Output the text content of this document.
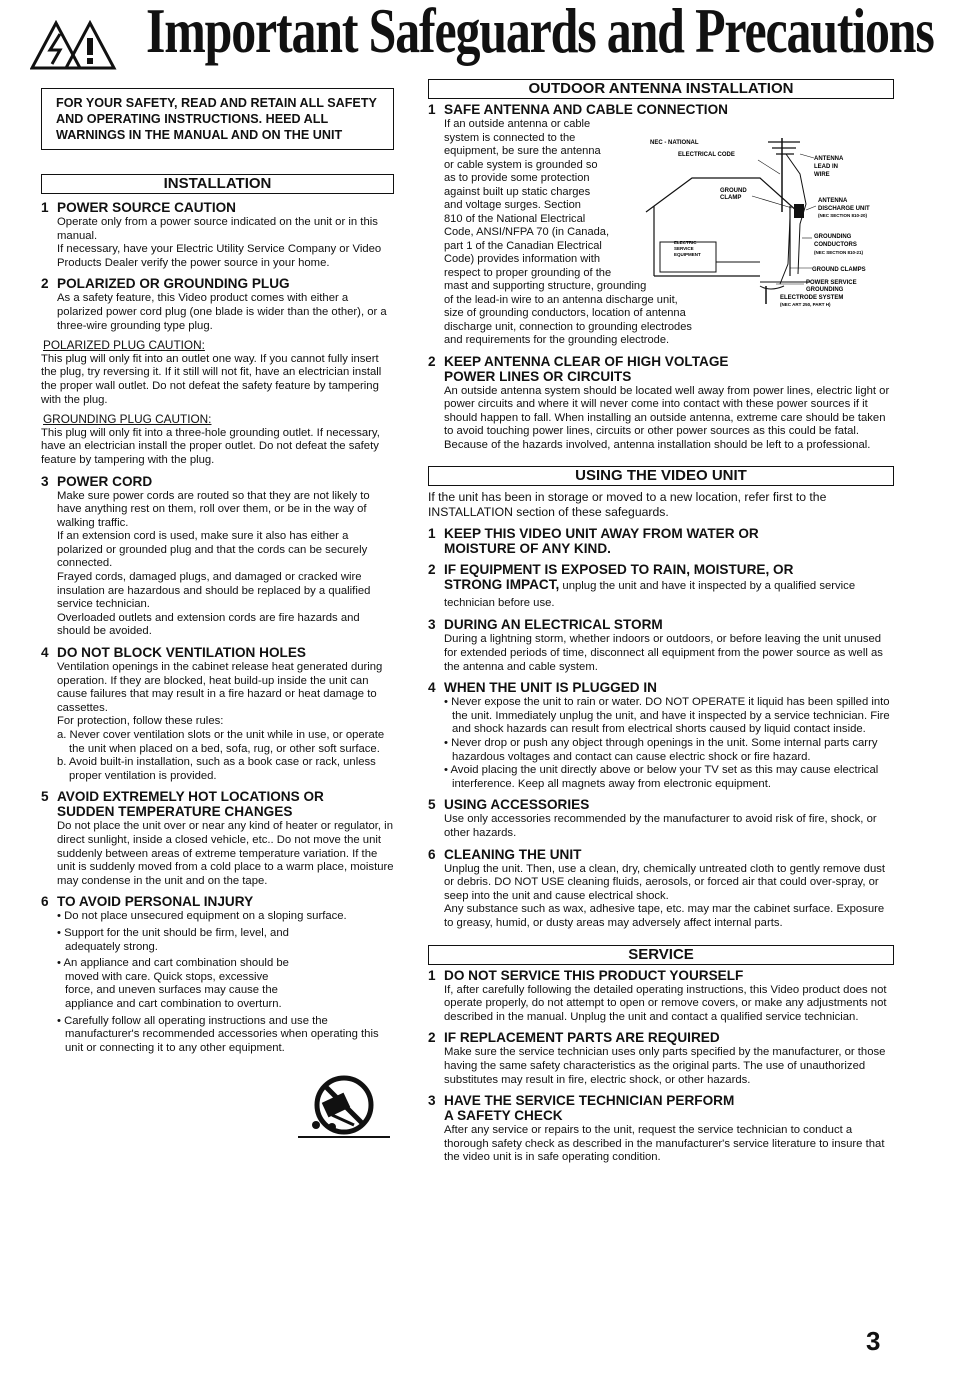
Important Safeguards and Precautions
FOR YOUR SAFETY, READ AND RETAIN ALL SAFETY AND OPERATING INSTRUCTIONS. HEED ALL WARNINGS IN THE MANUAL AND ON THE UNIT
INSTALLATION
1 POWER SOURCE CAUTION

Operate only from a power source indicated on the unit or in this manual.

If necessary, have your Electric Utility Service Company or Video Products Dealer verify the power source in your home.

2 POLARIZED OR GROUNDING PLUG

As a safety feature, this Video product comes with either a polarized power cord plug (one blade is wider than the other), or a three-wire grounding type plug.

POLARIZED PLUG CAUTION:
This plug will only fit into an outlet one way. If you cannot fully insert the plug, try reversing it. If it still will not fit, have an electrician install the proper wall outlet. Do not defeat the safety feature by tampering with the plug.
GROUNDING PLUG CAUTION:
This plug will only fit into a three-hole grounding outlet. If necessary, have an electrician install the proper outlet. Do not defeat the safety feature by tampering with the plug.
3 POWER CORD

Make sure power cords are routed so that they are not likely to have anything rest on them, roll over them, or be in the way of walking traffic.

If an extension cord is used, make sure it also has either a polarized or grounded plug and that the cords can be securely connected.

Frayed cords, damaged plugs, and damaged or cracked wire insulation are hazardous and should be replaced by a qualified service technician.

Overloaded outlets and extension cords are fire hazards and should be avoided.

4 DO NOT BLOCK VENTILATION HOLES

Ventilation openings in the cabinet release heat generated during operation. If they are blocked, heat build-up inside the unit can cause failures that may result in a fire hazard or heat damage to cassettes.

For protection, follow these rules:

a. Never cover ventilation slots or the unit while in use, or operate the unit when placed on a bed, sofa, rug, or other soft surface.

b. Avoid built-in installation, such as a book case or rack, unless proper ventilation is provided.

5 AVOID EXTREMELY HOT LOCATIONS OR
SUDDEN TEMPERATURE CHANGES

Do not place the unit over or near any kind of heater or regulator, in direct sunlight, inside a closed vehicle, etc.. Do not move the unit suddenly between areas of extreme temperature variation. If the unit is suddenly moved from a cold place to a warm place, moisture may condense in the unit and on the tape.

6 TO AVOID PERSONAL INJURY
• Do not place unsecured equipment on a sloping surface.
• Support for the unit should be firm, level, and adequately strong.
• An appliance and cart combination should be moved with care. Quick stops, excessive force, and uneven surfaces may cause the appliance and cart combination to overturn.
• Carefully follow all operating instructions and use the manufacturer's recommended accessories when operating this unit or connecting it to any other equipment.
OUTDOOR ANTENNA INSTALLATION
1 SAFE ANTENNA AND CABLE CONNECTION

If an outside antenna or cable

system is connected to the

equipment, be sure the antenna

or cable system is grounded so

as to provide some protection

against built up static charges

and voltage surges. Section

810 of the National Electrical

Code, ANSI/NFPA 70 (in Canada,

part 1 of the Canadian Electrical

Code) provides information with

respect to proper grounding of the

mast and supporting structure, grounding

of the lead-in wire to an antenna discharge unit,

size of grounding conductors, location of antenna

discharge unit, connection to grounding electrodes

and requirements for the grounding electrode.

2 KEEP ANTENNA CLEAR OF HIGH VOLTAGE
POWER LINES OR CIRCUITS

An outside antenna system should be located well away from power lines, electric light or power circuits and where it will never come into contact with these power sources if it should happen to fall. When installing an outside antenna, extreme care should be taken to avoid touching power lines, circuits or other power sources as this could be fatal. Because of the hazards involved, antenna installation should be left to a professional.

USING THE VIDEO UNIT
If the unit has been in storage or moved to a new location, refer first to the INSTALLATION section of these safeguards.
1 KEEP THIS VIDEO UNIT AWAY FROM WATER OR
MOISTURE OF ANY KIND.
2 IF EQUIPMENT IS EXPOSED TO RAIN, MOISTURE, OR
STRONG IMPACT, unplug the unit and have it inspected by a qualified service technician before use.
3 DURING AN ELECTRICAL STORM

During a lightning storm, whether indoors or outdoors, or before leaving the unit unused for extended periods of time, disconnect all equipment from the power source as well as the antenna and cable system.

4 WHEN THE UNIT IS PLUGGED IN
• Never expose the unit to rain or water. DO NOT OPERATE it liquid has been spilled into the unit. Immediately unplug the unit, and have it inspected by a service technician. Fire and shock hazards can result from electrical shorts caused by liquid contact inside.
• Never drop or push any object through openings in the unit. Some internal parts carry hazardous voltages and contact can cause electric shock or fire hazard.
• Avoid placing the unit directly above or below your TV set as this may cause electrical interference. Keep all magnets away from electronic equipment.
5 USING ACCESSORIES

Use only accessories recommended by the manufacturer to avoid risk of fire, shock, or other hazards.

6 CLEANING THE UNIT

Unplug the unit. Then, use a clean, dry, chemically untreated cloth to gently remove dust or debris. DO NOT USE cleaning fluids, aerosols, or forced air that could over-spray, or seep into the unit and cause electrical shock.

Any substance such as wax, adhesive tape, etc. may mar the cabinet surface. Exposure to greasy, humid, or dusty areas may adversely affect internal parts.

SERVICE
1 DO NOT SERVICE THIS PRODUCT YOURSELF

If, after carefully following the detailed operating instructions, this Video product does not operate properly, do not attempt to open or remove covers, or make any adjustments not described in the manual. Unplug the unit and contact a qualified service technician.

2 IF REPLACEMENT PARTS ARE REQUIRED

Make sure the service technician uses only parts specified by the manufacturer, or those having the same safety characteristics as the original parts. The use of unauthorized substitutes may result in fire, electric shock, or other hazards.

3 HAVE THE SERVICE TECHNICIAN PERFORM
A SAFETY CHECK

After any service or repairs to the unit, request the service technician to conduct a thorough safety check as described in the manufacturer's service literature to insure that the video unit is in safe operating condition.

NEC - NATIONAL
ELECTRICAL CODE
ANTENNA
LEAD IN
WIRE
GROUND
CLAMP	ANTENNA
DISCHARGE UNIT
(NEC SECTION 810-20)
GROUNDING
CONDUCTORS
(NEC SECTION 810-21)
ELECTRIC
SERVICE
EQUIPMENT
GROUND CLAMPS
POWER SERVICE
GROUNDING
ELECTRODE SYSTEM
(NEC ART 250, PART H)
3
